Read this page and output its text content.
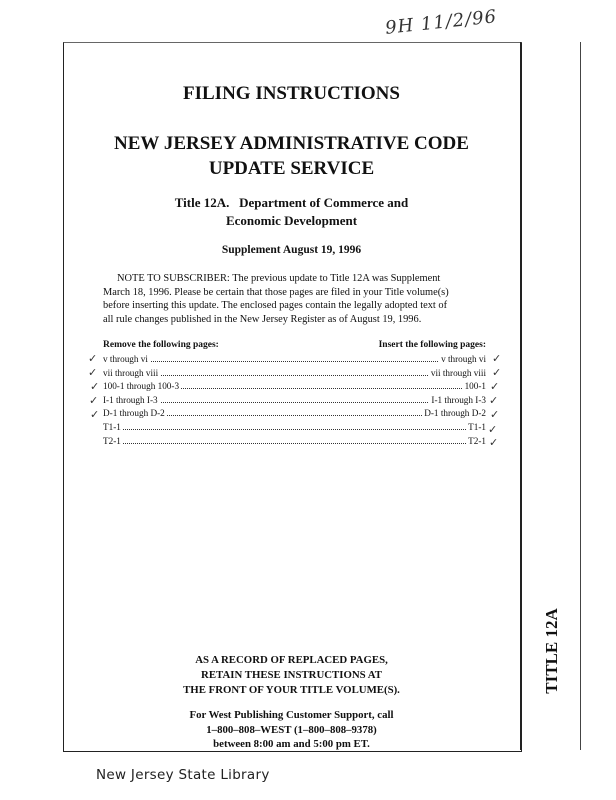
9H 11/2/96
FILING INSTRUCTIONS
NEW JERSEY ADMINISTRATIVE CODE
UPDATE SERVICE
Title 12A.   Department of Commerce and
Economic Development
Supplement August 19, 1996
NOTE TO SUBSCRIBER: The previous update to Title 12A was Supplement
March 18, 1996. Please be certain that those pages are filed in your Title volume(s)
before inserting this update. The enclosed pages contain the legally adopted text of
all rule changes published in the New Jersey Register as of August 19, 1996.
Remove the following pages:	Insert the following pages:
v through vi	v through vi
vii through viii	vii through viii
100-1 through 100-3	100-1
I-1 through I-3	I-1 through I-3
D-1 through D-2	D-1 through D-2
T1-1	T1-1
T2-1	T2-1
✓
✓
✓
✓
✓
✓
✓
✓
✓
✓
✓
✓
AS A RECORD OF REPLACED PAGES,
RETAIN THESE INSTRUCTIONS AT
THE FRONT OF YOUR TITLE VOLUME(S).
For West Publishing Customer Support, call
1–800–808–WEST (1–800–808–9378)
between 8:00 am and 5:00 pm ET.
TITLE 12A
New Jersey State Library
